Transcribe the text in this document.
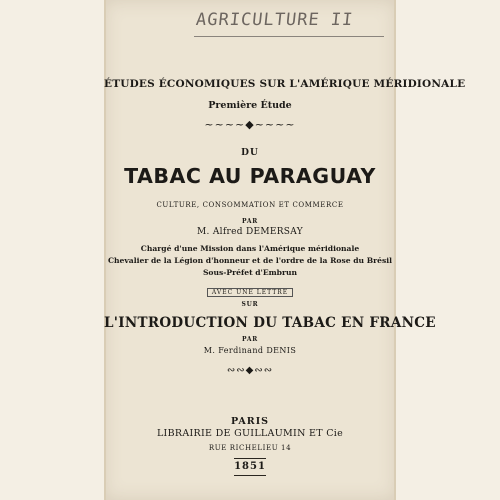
AGRICULTURE II
ÉTUDES ÉCONOMIQUES SUR L'AMÉRIQUE MÉRIDIONALE
Première Étude
~~~~◆~~~~
DU
TABAC AU PARAGUAY
CULTURE, CONSOMMATION ET COMMERCE
PAR
M. Alfred DEMERSAY
Chargé d'une Mission dans l'Amérique méridionale
Chevalier de la Légion d'honneur et de l'ordre de la Rose du Brésil
Sous-Préfet d'Embrun
AVEC UNE LETTRE
SUR
L'INTRODUCTION DU TABAC EN FRANCE
PAR
M. Ferdinand DENIS
∾∾◆∾∾
PARIS
LIBRAIRIE DE GUILLAUMIN ET Cie
RUE RICHELIEU 14
1851
